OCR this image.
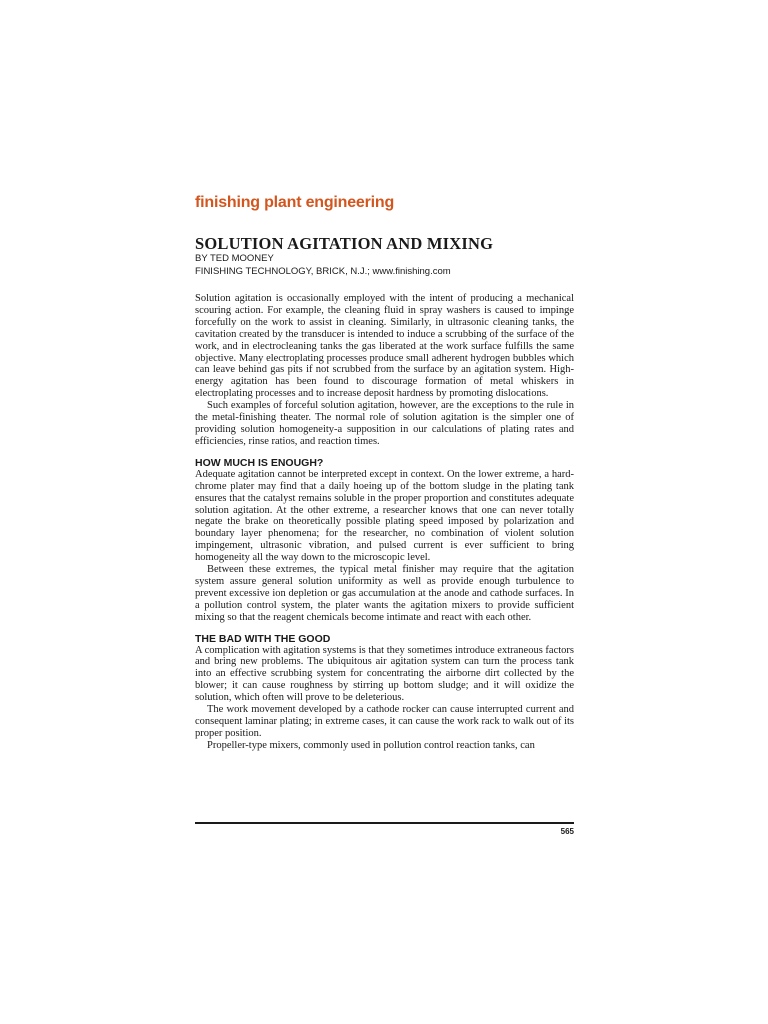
finishing plant engineering
SOLUTION AGITATION AND MIXING
BY TED MOONEY
FINISHING TECHNOLOGY, BRICK, N.J.; www.finishing.com

Solution agitation is occasionally employed with the intent of producing a mechanical scouring action. For example, the cleaning fluid in spray washers is caused to impinge forcefully on the work to assist in cleaning. Similarly, in ultrasonic cleaning tanks, the cavitation created by the transducer is intended to induce a scrubbing of the surface of the work, and in electrocleaning tanks the gas liberated at the work surface fulfills the same objective. Many electroplating processes produce small adherent hydrogen bubbles which can leave behind gas pits if not scrubbed from the surface by an agitation system. High-energy agitation has been found to discourage formation of metal whiskers in electroplating processes and to increase deposit hardness by promoting dislocations.

Such examples of forceful solution agitation, however, are the exceptions to the rule in the metal-finishing theater. The normal role of solution agitation is the simpler one of providing solution homogeneity-a supposition in our calculations of plating rates and efficiencies, rinse ratios, and reaction times.

HOW MUCH IS ENOUGH?

Adequate agitation cannot be interpreted except in context. On the lower extreme, a hard-chrome plater may find that a daily hoeing up of the bottom sludge in the plating tank ensures that the catalyst remains soluble in the proper proportion and constitutes adequate solution agitation. At the other extreme, a researcher knows that one can never totally negate the brake on theoretically possible plating speed imposed by polarization and boundary layer phenomena; for the researcher, no combination of violent solution impingement, ultrasonic vibration, and pulsed current is ever sufficient to bring homogeneity all the way down to the microscopic level.

Between these extremes, the typical metal finisher may require that the agitation system assure general solution uniformity as well as provide enough turbulence to prevent excessive ion depletion or gas accumulation at the anode and cathode surfaces. In a pollution control system, the plater wants the agitation mixers to provide sufficient mixing so that the reagent chemicals become intimate and react with each other.

THE BAD WITH THE GOOD

A complication with agitation systems is that they sometimes introduce extraneous factors and bring new problems. The ubiquitous air agitation system can turn the process tank into an effective scrubbing system for concentrating the airborne dirt collected by the blower; it can cause roughness by stirring up bottom sludge; and it will oxidize the solution, which often will prove to be deleterious.

The work movement developed by a cathode rocker can cause interrupted current and consequent laminar plating; in extreme cases, it can cause the work rack to walk out of its proper position.

Propeller-type mixers, commonly used in pollution control reaction tanks, can

565
